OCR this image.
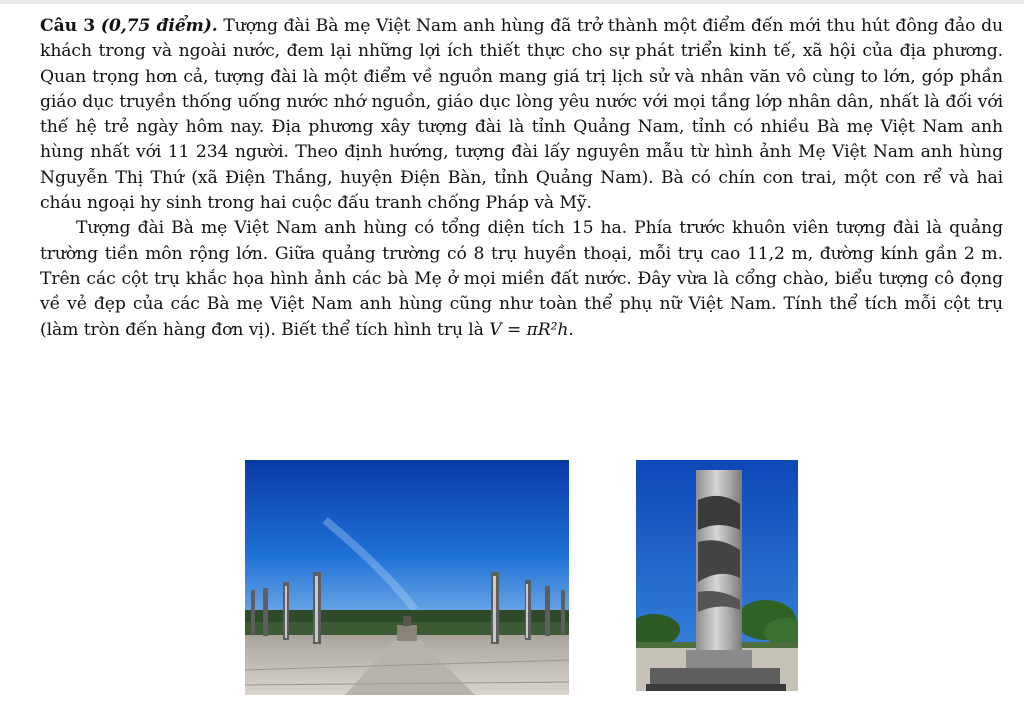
Câu 3 (0,75 điểm). Tượng đài Bà mẹ Việt Nam anh hùng đã trở thành một điểm đến mới thu hút đông đảo du khách trong và ngoài nước, đem lại những lợi ích thiết thực cho sự phát triển kinh tế, xã hội của địa phương. Quan trọng hơn cả, tượng đài là một điểm về nguồn mang giá trị lịch sử và nhân văn vô cùng to lớn, góp phần giáo dục truyền thống uống nước nhớ nguồn, giáo dục lòng yêu nước với mọi tầng lớp nhân dân, nhất là đối với thế hệ trẻ ngày hôm nay. Địa phương xây tượng đài là tỉnh Quảng Nam, tỉnh có nhiều Bà mẹ Việt Nam anh hùng nhất với 11 234 người. Theo định hướng, tượng đài lấy nguyên mẫu từ hình ảnh Mẹ Việt Nam anh hùng Nguyễn Thị Thứ (xã Điện Thắng, huyện Điện Bàn, tỉnh Quảng Nam). Bà có chín con trai, một con rể và hai cháu ngoại hy sinh trong hai cuộc đấu tranh chống Pháp và Mỹ.

Tượng đài Bà mẹ Việt Nam anh hùng có tổng diện tích 15 ha. Phía trước khuôn viên tượng đài là quảng trường tiền môn rộng lớn. Giữa quảng trường có 8 trụ huyền thoại, mỗi trụ cao 11,2 m, đường kính gần 2 m. Trên các cột trụ khắc họa hình ảnh các bà Mẹ ở mọi miền đất nước. Đây vừa là cổng chào, biểu tượng cô đọng về vẻ đẹp của các Bà mẹ Việt Nam anh hùng cũng như toàn thể phụ nữ Việt Nam. Tính thể tích mỗi cột trụ (làm tròn đến hàng đơn vị). Biết thể tích hình trụ là V = πR²h.
